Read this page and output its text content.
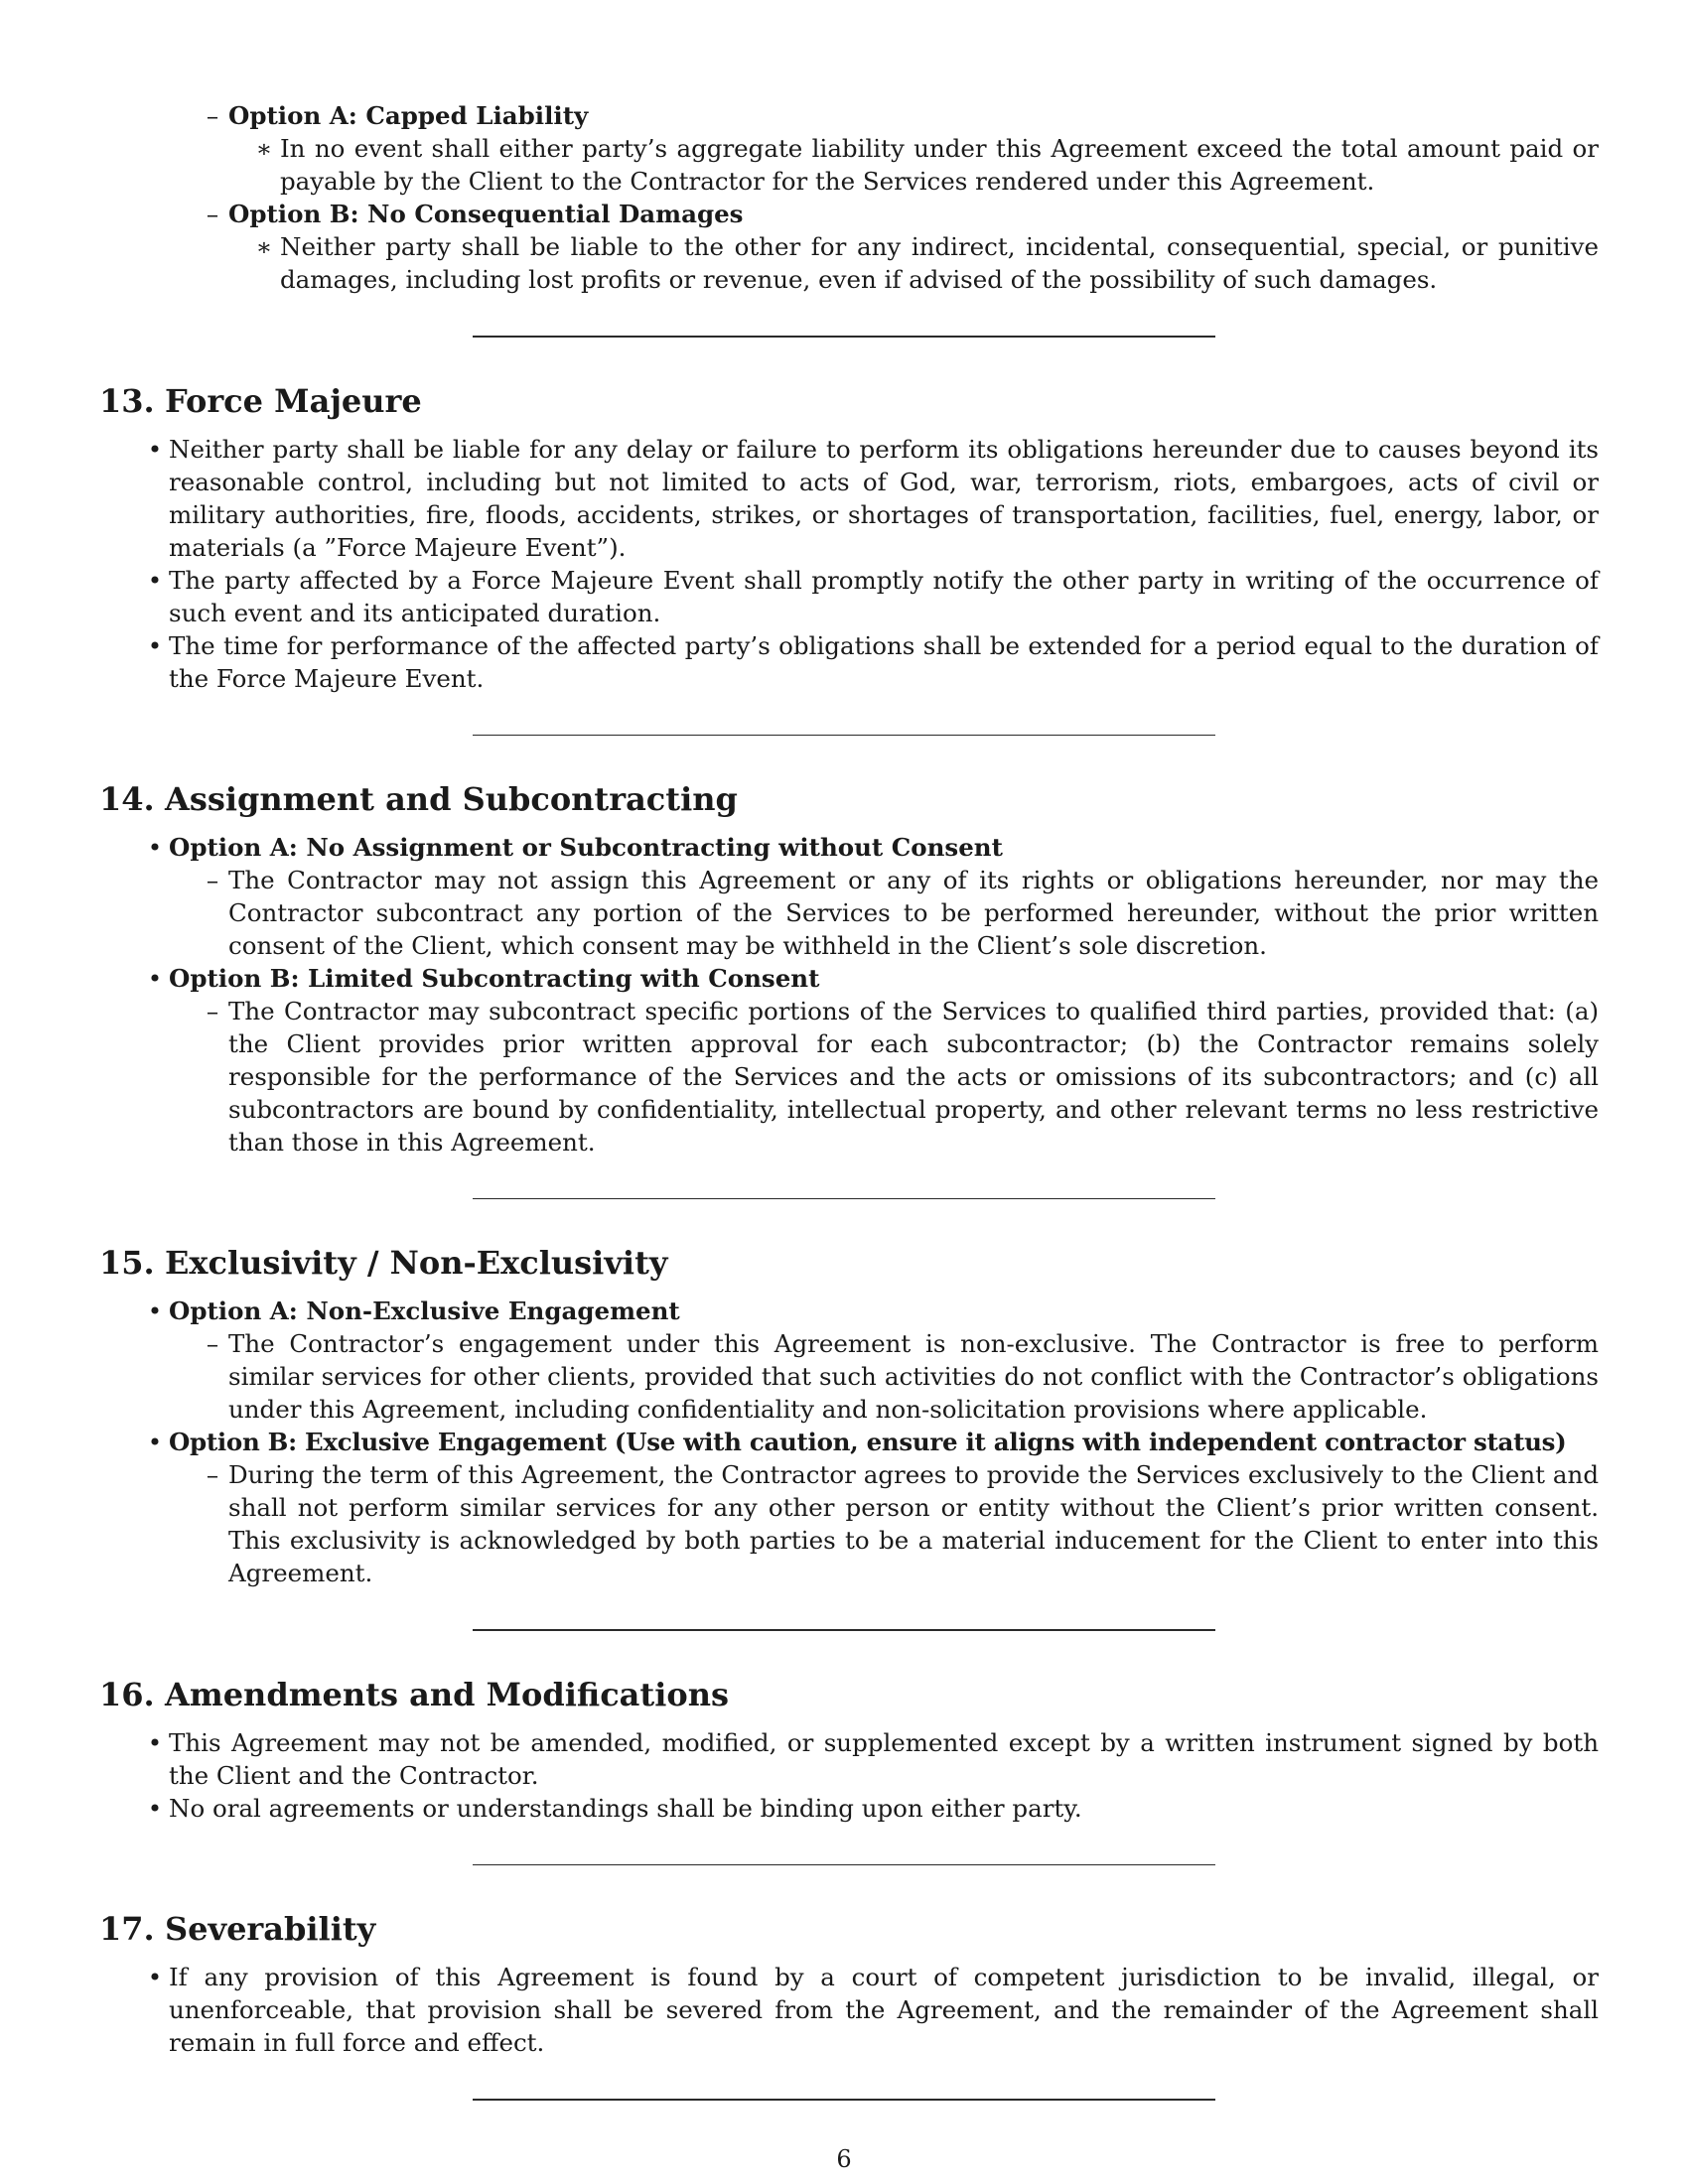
– Option A: Capped Liability
∗ In no event shall either party’s aggregate liability under this Agreement exceed the total amount paid or payable by the Client to the Contractor for the Services rendered under this Agreement.
– Option B: No Consequential Damages
∗ Neither party shall be liable to the other for any indirect, incidental, consequential, special, or punitive damages, including lost profits or revenue, even if advised of the possibility of such damages.
13. Force Majeure
• Neither party shall be liable for any delay or failure to perform its obligations hereunder due to causes beyond its reasonable control, including but not limited to acts of God, war, terrorism, riots, embargoes, acts of civil or military authorities, fire, floods, accidents, strikes, or shortages of transportation, facilities, fuel, energy, labor, or materials (a ”Force Majeure Event”).
• The party affected by a Force Majeure Event shall promptly notify the other party in writing of the occurrence of such event and its anticipated duration.
• The time for performance of the affected party’s obligations shall be extended for a period equal to the duration of the Force Majeure Event.
14. Assignment and Subcontracting
• Option A: No Assignment or Subcontracting without Consent
– The Contractor may not assign this Agreement or any of its rights or obligations hereunder, nor may the Contractor subcontract any portion of the Services to be performed hereunder, without the prior written consent of the Client, which consent may be withheld in the Client’s sole discretion.
• Option B: Limited Subcontracting with Consent
– The Contractor may subcontract specific portions of the Services to qualified third parties, provided that: (a) the Client provides prior written approval for each subcontractor; (b) the Contractor remains solely responsible for the performance of the Services and the acts or omissions of its subcontractors; and (c) all subcontractors are bound by confidentiality, intellectual property, and other relevant terms no less restrictive than those in this Agreement.
15. Exclusivity / Non-Exclusivity
• Option A: Non-Exclusive Engagement
– The Contractor’s engagement under this Agreement is non-exclusive. The Contractor is free to perform similar services for other clients, provided that such activities do not conflict with the Contractor’s obligations under this Agreement, including confidentiality and non-solicitation provisions where applicable.
• Option B: Exclusive Engagement (Use with caution, ensure it aligns with independent contractor status)
– During the term of this Agreement, the Contractor agrees to provide the Services exclusively to the Client and shall not perform similar services for any other person or entity without the Client’s prior written consent. This exclusivity is acknowledged by both parties to be a material inducement for the Client to enter into this Agreement.
16. Amendments and Modifications
• This Agreement may not be amended, modified, or supplemented except by a written instrument signed by both the Client and the Contractor.
• No oral agreements or understandings shall be binding upon either party.
17. Severability
• If any provision of this Agreement is found by a court of competent jurisdiction to be invalid, illegal, or unenforceable, that provision shall be severed from the Agreement, and the remainder of the Agreement shall remain in full force and effect.
6
